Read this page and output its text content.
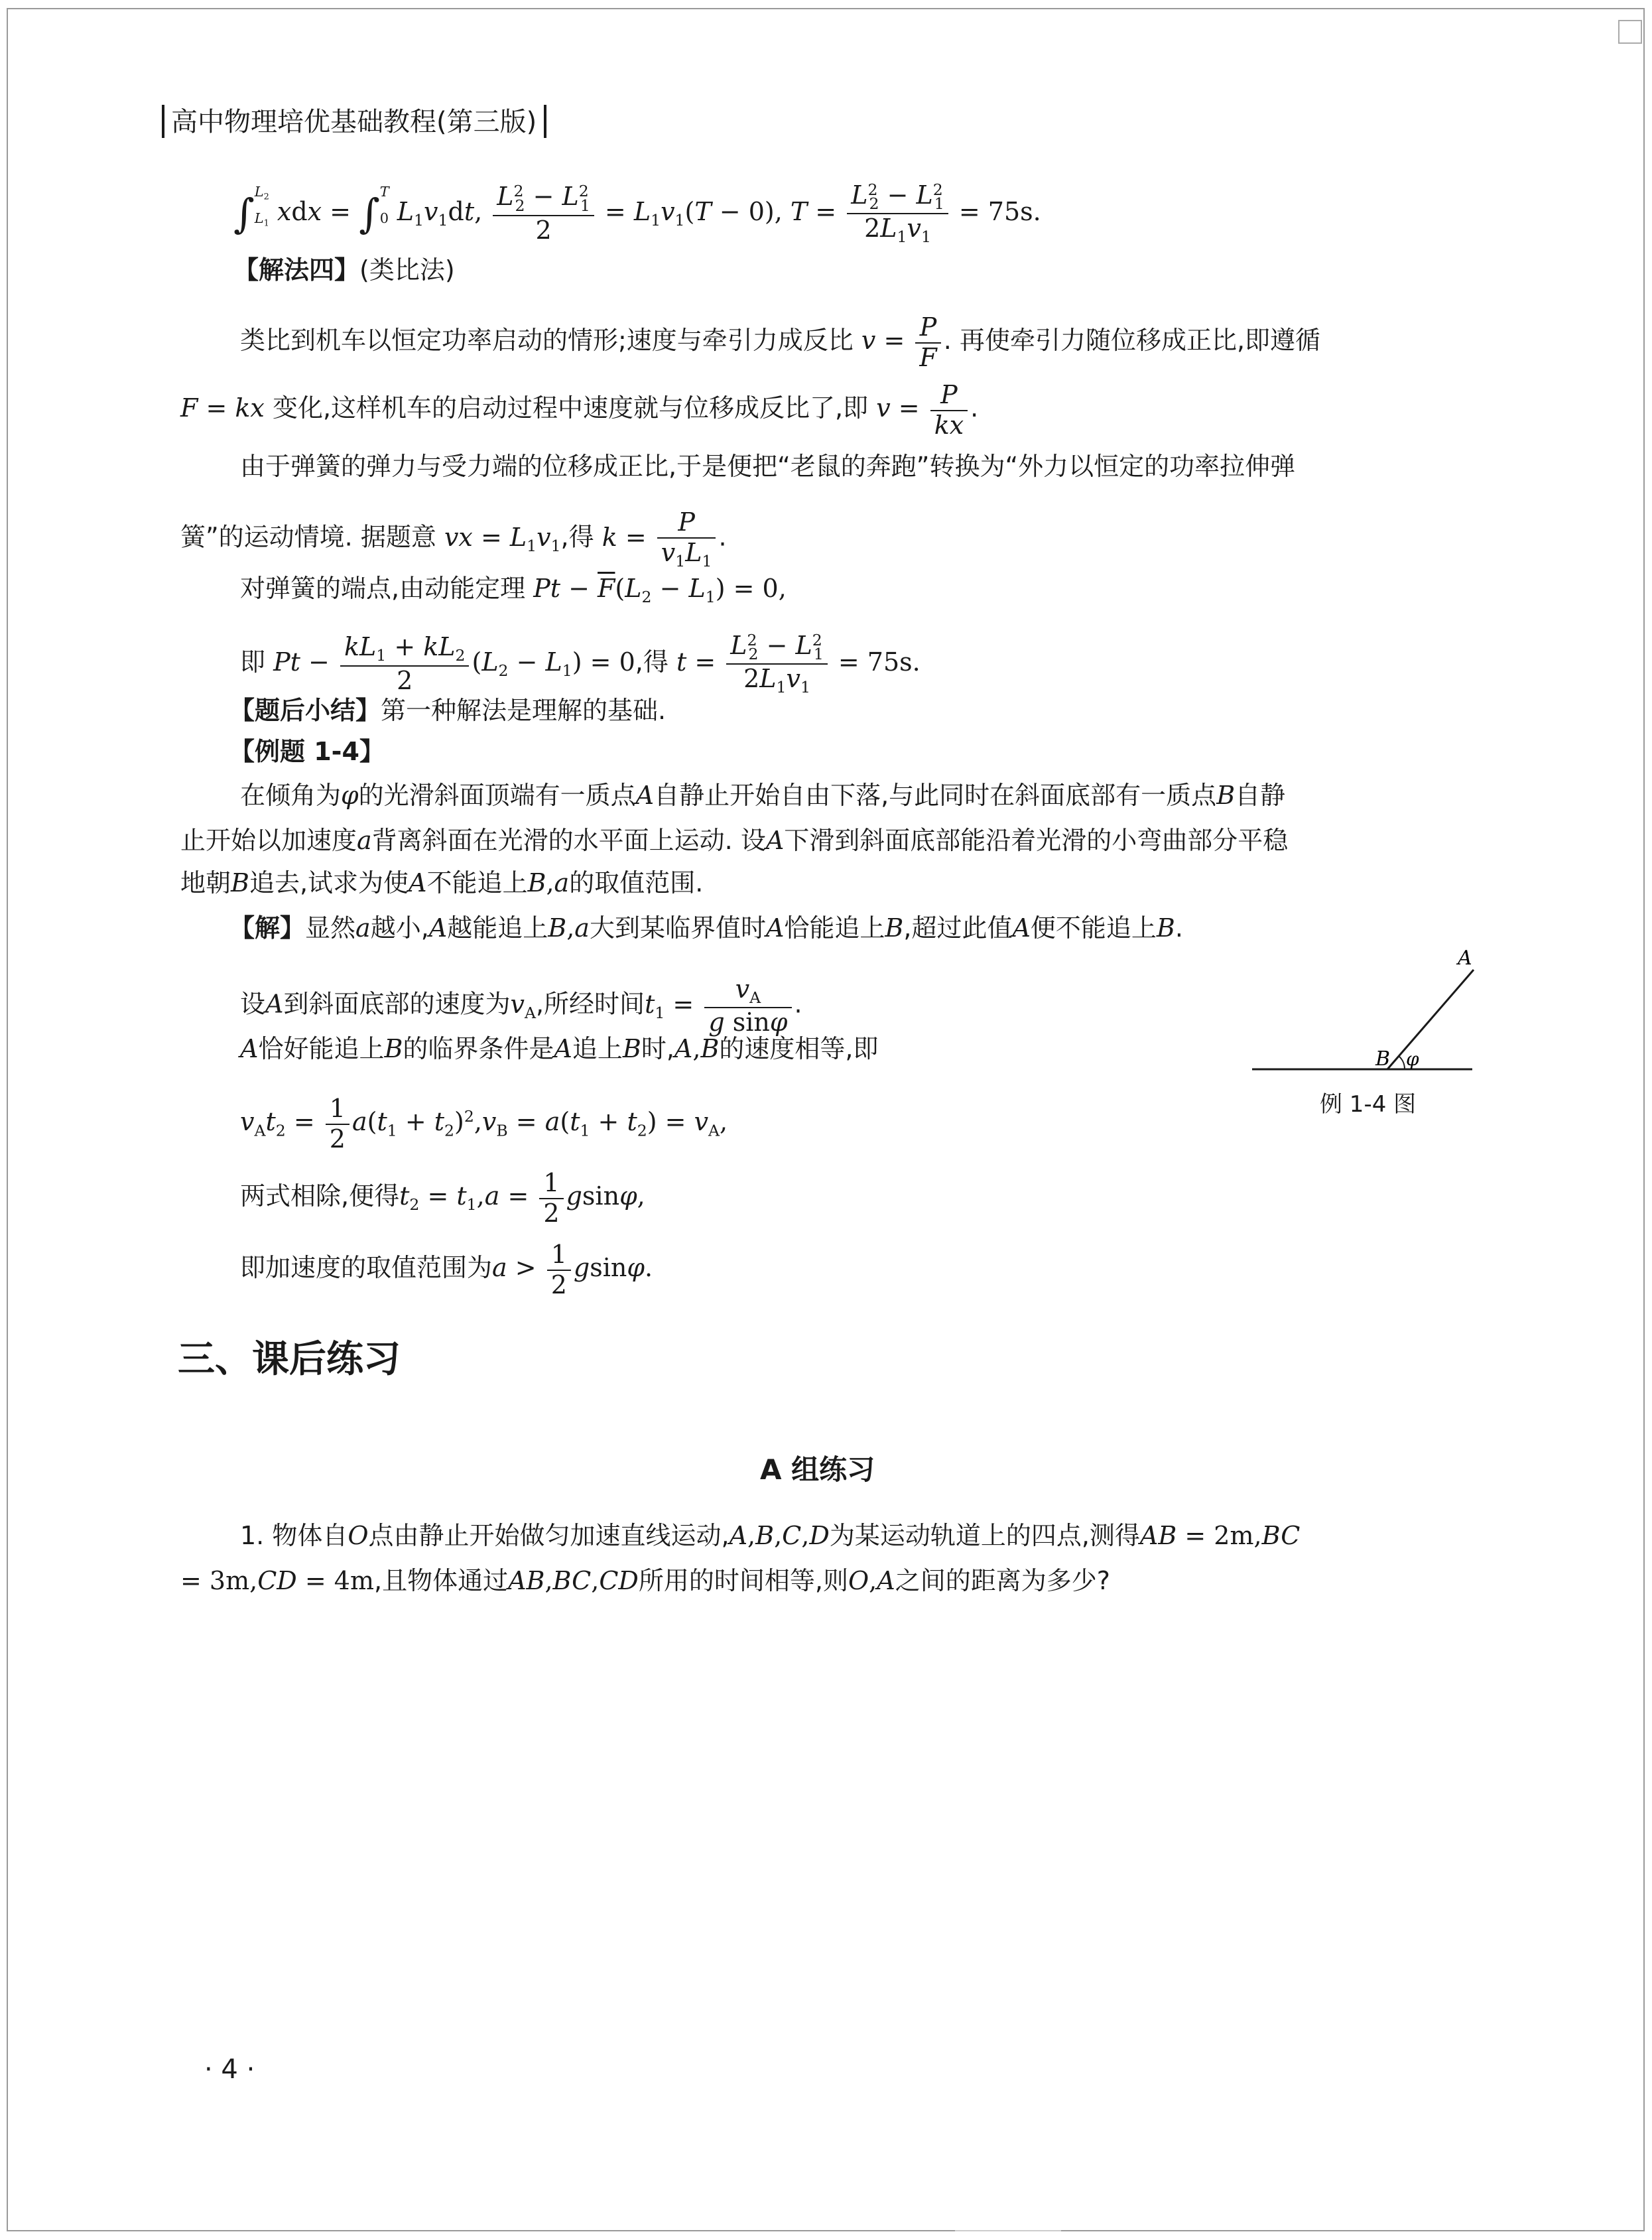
高中物理培优基础教程(第三版)
$\int L_2$
$L_1$ xdx = ∫T
0 $L_1v_1dt$, $\frac{L^2_2 - L^2_1}{2} = L_1v_1(T - 0)$, $T = \frac{L^2_2 - L^2_1}{2L_1v_1} = 75s$.
【解法四】(类比法)
类比到机车以恒定功率启动的情形;速度与牵引力成反比 $v = \frac{P}{F}$ . 再使牵引力随位移成正比,即遵循
F = kx 变化,这样机车的启动过程中速度就与位移成反比了,即 $v = \frac{P}{kx}$ .
由于弹簧的弹力与受力端的位移成正比,于是便把“老鼠的奔跑”转换为“外力以恒定的功率拉伸弹
簧”的运动情境. 据题意 vx = $L_1v_1$,得 $k = \frac{P}{v_1L_1}$ .
对弹簧的端点,由动能定理 $Pt - \overline{F}(L_2 - L_1) = 0$,
即 $Pt - \frac{kL_1 + kL_2}{2} (L_2 - L_1) = 0$,得 $t = \frac{L^2_2 - L^2_1}{2L_1v_1} = 75s$.
【题后小结】第一种解法是理解的基础.
【例题 1-4】
在倾角为φ的光滑斜面顶端有一质点A自静止开始自由下落,与此同时在斜面底部有一质点B自静
止开始以加速度a背离斜面在光滑的水平面上运动. 设A下滑到斜面底部能沿着光滑的小弯曲部分平稳
地朝B追去,试求为使A不能追上B,a的取值范围.
【解】显然a越小,A越能追上B,a大到某临界值时A恰能追上B,超过此值A便不能追上B.
设A到斜面底部的速度为$v_A$,所经时间$t_1 = \frac{v_A}{\text{g sinφ}}$ .
A恰好能追上B的临界条件是A追上B时,A,B的速度相等,即
$v_At_2 = \frac{1}{2} a(t_1 + t_2)^2,v_B = a(t_1 + t_2) = v_A$,
两式相除,便得$t_2 = t_1,a = \frac{1}{2} gsin\varphi$,
即加速度的取值范围为$a > \frac{1}{2} gsin\varphi$.
A
B φ
例 1-4 图
三、课后练习
A 组练习
1. 物体自O点由静止开始做匀加速直线运动,A,B,C,D为某运动轨道上的四点,测得AB = 2m,BC
= 3m,CD = 4m,且物体通过AB,BC,CD所用的时间相等,则O,A之间的距离为多少?
· 4 ·
